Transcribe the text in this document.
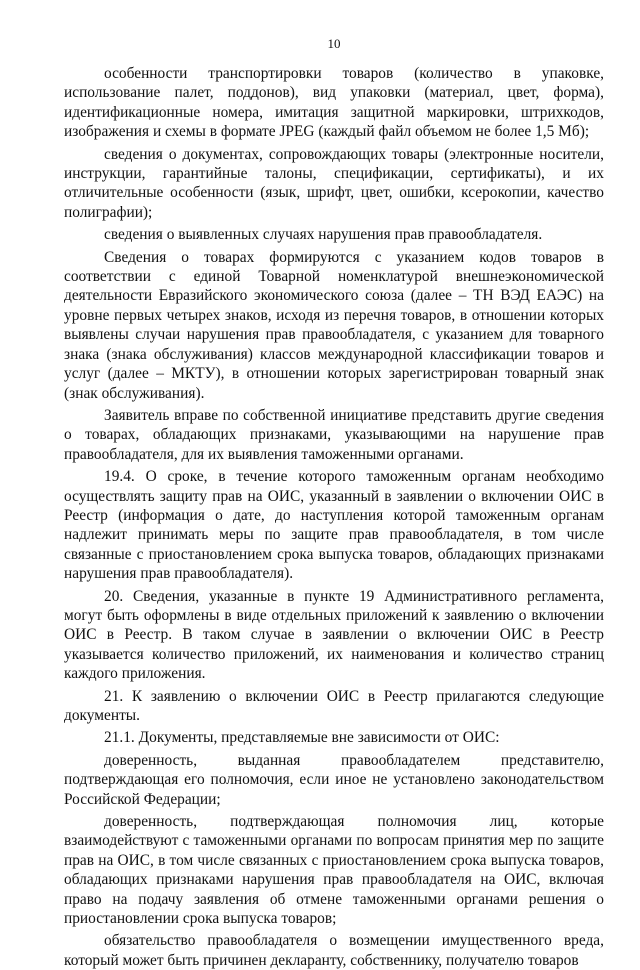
10

особенности транспортировки товаров (количество в упаковке, использование палет, поддонов), вид упаковки (материал, цвет, форма), идентификационные номера, имитация защитной маркировки, штрихкодов, изображения и схемы в формате JPEG (каждый файл объемом не более 1,5 Мб);

сведения о документах, сопровождающих товары (электронные носители, инструкции, гарантийные талоны, спецификации, сертификаты), и их отличительные особенности (язык, шрифт, цвет, ошибки, ксерокопии, качество полиграфии);

сведения о выявленных случаях нарушения прав правообладателя.

Сведения о товарах формируются с указанием кодов товаров в соответствии с единой Товарной номенклатурой внешнеэкономической деятельности Евразийского экономического союза (далее – ТН ВЭД ЕАЭС) на уровне первых четырех знаков, исходя из перечня товаров, в отношении которых выявлены случаи нарушения прав правообладателя, с указанием для товарного знака (знака обслуживания) классов международной классификации товаров и услуг (далее – МКТУ), в отношении которых зарегистрирован товарный знак (знак обслуживания).

Заявитель вправе по собственной инициативе представить другие сведения о товарах, обладающих признаками, указывающими на нарушение прав правообладателя, для их выявления таможенными органами.

19.4. О сроке, в течение которого таможенным органам необходимо осуществлять защиту прав на ОИС, указанный в заявлении о включении ОИС в Реестр (информация о дате, до наступления которой таможенным органам надлежит принимать меры по защите прав правообладателя, в том числе связанные с приостановлением срока выпуска товаров, обладающих признаками нарушения прав правообладателя).

20. Сведения, указанные в пункте 19 Административного регламента, могут быть оформлены в виде отдельных приложений к заявлению о включении ОИС в Реестр. В таком случае в заявлении о включении ОИС в Реестр указывается количество приложений, их наименования и количество страниц каждого приложения.

21. К заявлению о включении ОИС в Реестр прилагаются следующие документы.

21.1. Документы, представляемые вне зависимости от ОИС:

доверенность, выданная правообладателем представителю, подтверждающая его полномочия, если иное не установлено законодательством Российской Федерации;

доверенность, подтверждающая полномочия лиц, которые взаимодействуют с таможенными органами по вопросам принятия мер по защите прав на ОИС, в том числе связанных с приостановлением срока выпуска товаров, обладающих признаками нарушения прав правообладателя на ОИС, включая право на подачу заявления об отмене таможенными органами решения о приостановлении срока выпуска товаров;

обязательство правообладателя о возмещении имущественного вреда, который может быть причинен декларанту, собственнику, получателю товаров
